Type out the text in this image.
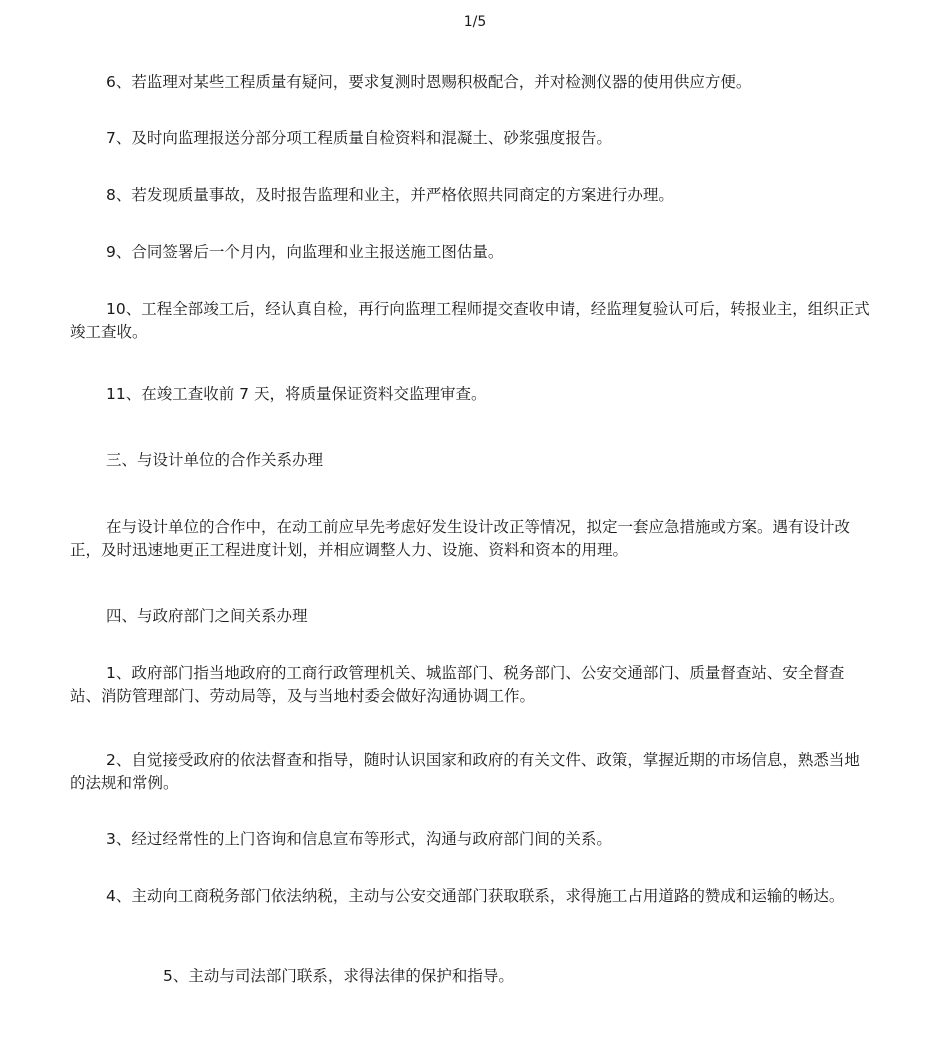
1/5

6、若监理对某些工程质量有疑问，要求复测时恩赐积极配合，并对检测仪器的使用供应方便。

7、及时向监理报送分部分项工程质量自检资料和混凝土、砂浆强度报告。

8、若发现质量事故，及时报告监理和业主，并严格依照共同商定的方案进行办理。

9、合同签署后一个月内，向监理和业主报送施工图估量。

10、工程全部竣工后，经认真自检，再行向监理工程师提交查收申请，经监理复验认可后，转报业主，组织正式竣工查收。

11、在竣工查收前 7 天，将质量保证资料交监理审查。

三、与设计单位的合作关系办理

在与设计单位的合作中，在动工前应早先考虑好发生设计改正等情况，拟定一套应急措施或方案。遇有设计改正，及时迅速地更正工程进度计划，并相应调整人力、设施、资料和资本的用理。

四、与政府部门之间关系办理

1、政府部门指当地政府的工商行政管理机关、城监部门、税务部门、公安交通部门、质量督查站、安全督查站、消防管理部门、劳动局等，及与当地村委会做好沟通协调工作。

2、自觉接受政府的依法督查和指导，随时认识国家和政府的有关文件、政策，掌握近期的市场信息，熟悉当地的法规和常例。

3、经过经常性的上门咨询和信息宣布等形式，沟通与政府部门间的关系。

4、主动向工商税务部门依法纳税，主动与公安交通部门获取联系，求得施工占用道路的赞成和运输的畅达。

5、主动与司法部门联系，求得法律的保护和指导。
